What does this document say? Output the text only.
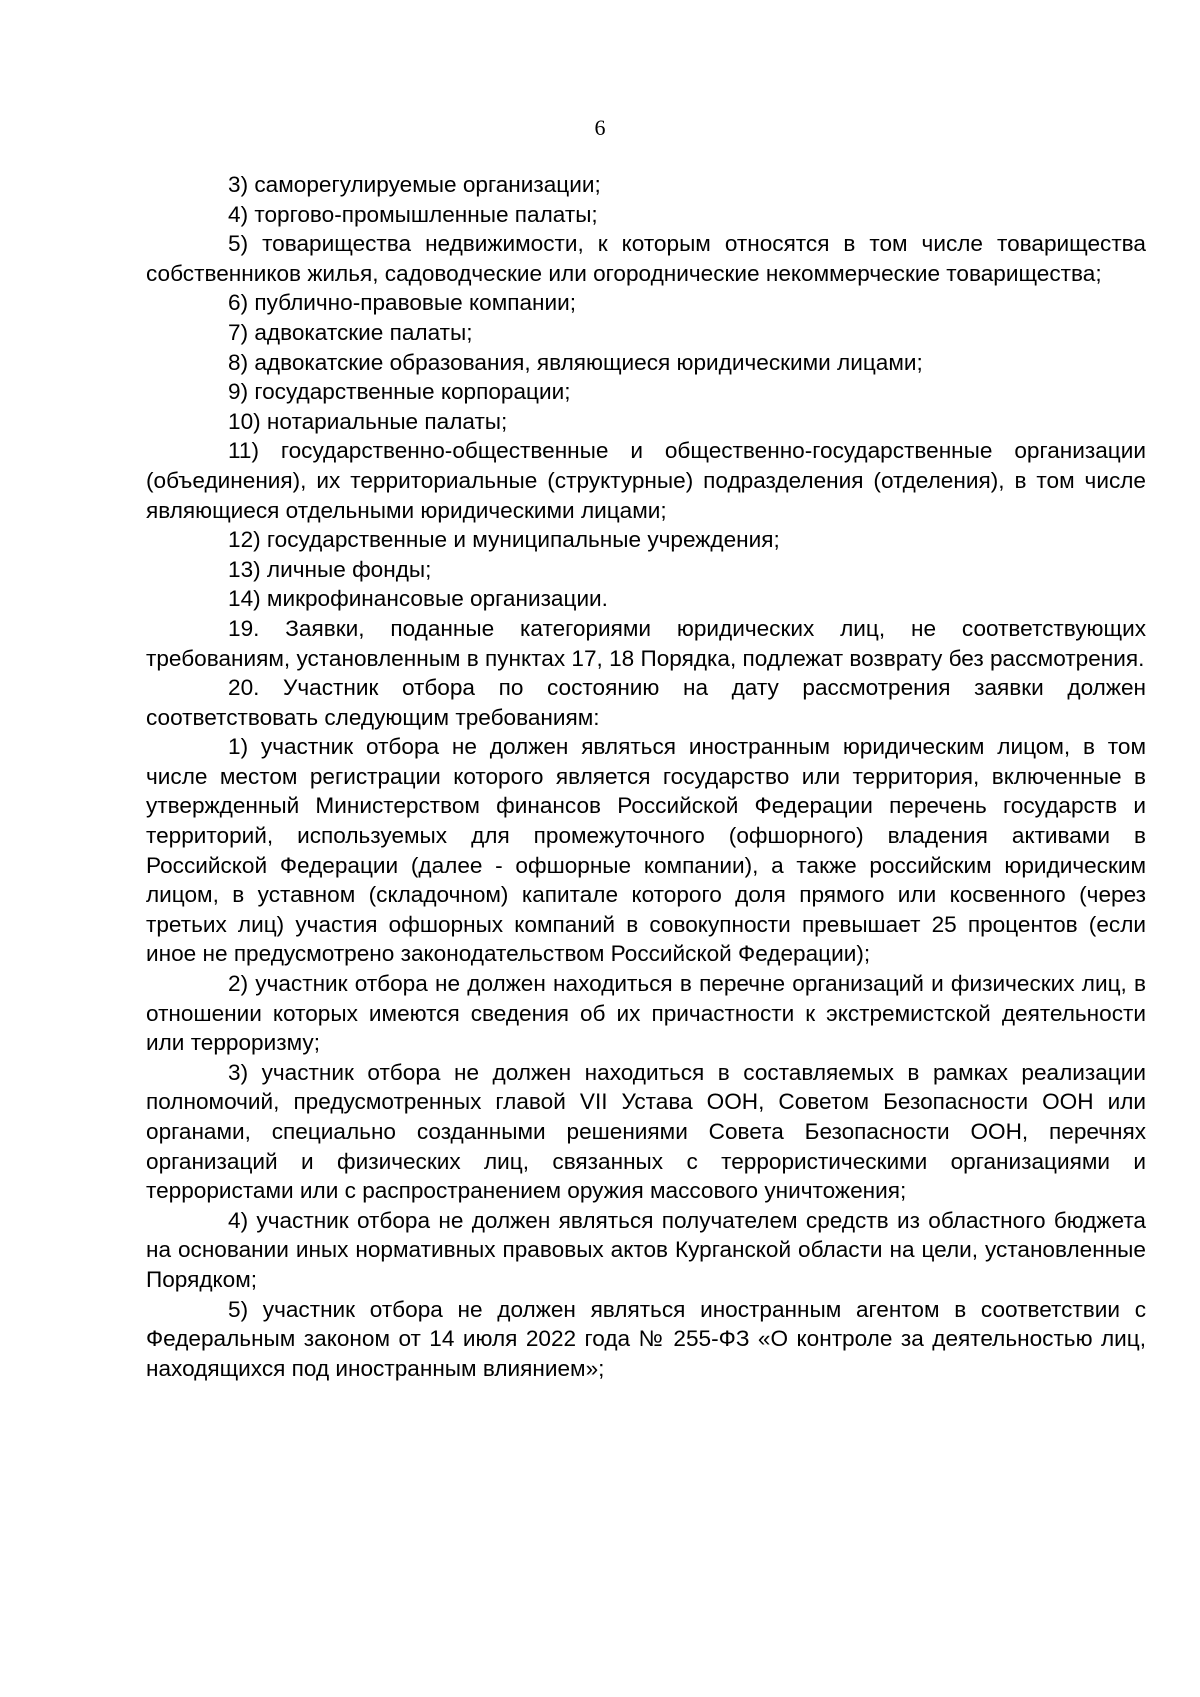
6

3) саморегулируемые организации;

4) торгово-промышленные палаты;

5) товарищества недвижимости, к которым относятся в том числе товарищества собственников жилья, садоводческие или огороднические некоммерческие товарищества;

6) публично-правовые компании;

7) адвокатские палаты;

8) адвокатские образования, являющиеся юридическими лицами;

9) государственные корпорации;

10) нотариальные палаты;

11) государственно-общественные и общественно-государственные организации (объединения), их территориальные (структурные) подразделения (отделения), в том числе являющиеся отдельными юридическими лицами;

12) государственные и муниципальные учреждения;

13) личные фонды;

14) микрофинансовые организации.

19. Заявки, поданные категориями юридических лиц, не соответствующих требованиям, установленным в пунктах 17, 18 Порядка, подлежат возврату без рассмотрения.

20. Участник отбора по состоянию на дату рассмотрения заявки должен соответствовать следующим требованиям:

1) участник отбора не должен являться иностранным юридическим лицом, в том числе местом регистрации которого является государство или территория, включенные в утвержденный Министерством финансов Российской Федерации перечень государств и территорий, используемых для промежуточного (офшорного) владения активами в Российской Федерации (далее - офшорные компании), а также российским юридическим лицом, в уставном (складочном) капитале которого доля прямого или косвенного (через третьих лиц) участия офшорных компаний в совокупности превышает 25 процентов (если иное не предусмотрено законодательством Российской Федерации);

2) участник отбора не должен находиться в перечне организаций и физических лиц, в отношении которых имеются сведения об их причастности к экстремистской деятельности или терроризму;

3) участник отбора не должен находиться в составляемых в рамках реализации полномочий, предусмотренных главой VII Устава ООН, Советом Безопасности ООН или органами, специально созданными решениями Совета Безопасности ООН, перечнях организаций и физических лиц, связанных с террористическими организациями и террористами или с распространением оружия массового уничтожения;

4) участник отбора не должен являться получателем средств из областного бюджета на основании иных нормативных правовых актов Курганской области на цели, установленные Порядком;

5) участник отбора не должен являться иностранным агентом в соответствии с Федеральным законом от 14 июля 2022 года № 255-ФЗ «О контроле за деятельностью лиц, находящихся под иностранным влиянием»;
